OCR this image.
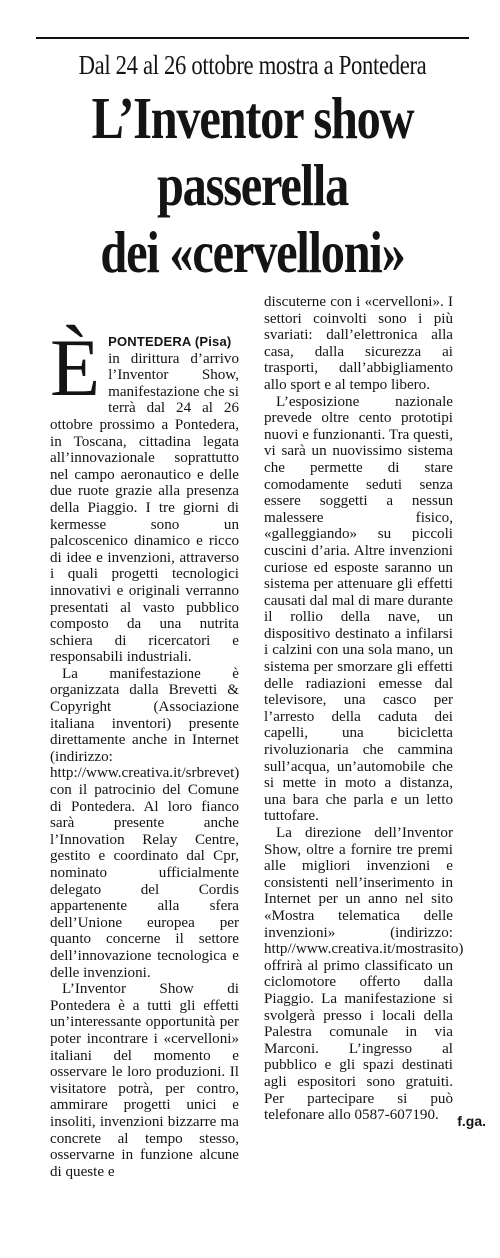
Dal 24 al 26 ottobre mostra a Pontedera
L’Inventor show
passerella
dei «cervelloni»

È PONTEDERA (Pisa)
in dirittura d’arrivo l’Inventor Show, manifestazione che si terrà dal 24 al 26 ottobre prossimo a Pontedera, in Toscana, cittadina legata all’innovazionale soprattutto nel campo aeronautico e delle due ruote grazie alla presenza della Piaggio. I tre giorni di kermesse sono un palcoscenico dinamico e ricco di idee e invenzioni, attraverso i quali progetti tecnologici innovativi e originali verranno presentati al vasto pubblico composto da una nutrita schiera di ricercatori e responsabili industriali.

La manifestazione è organizzata dalla Brevetti & Copyright (Associazione italiana inventori) presente direttamente anche in Internet (indirizzo: http://www.creativa.it/srbrevet) con il patrocinio del Comune di Pontedera. Al loro fianco sarà presente anche l’Innovation Relay Centre, gestito e coordinato dal Cpr, nominato ufficialmente delegato del Cordis appartenente alla sfera dell’Unione europea per quanto concerne il settore dell’innovazione tecnologica e delle invenzioni.

L’Inventor Show di Pontedera è a tutti gli effetti un’interessante opportunità per poter incontrare i «cervelloni» italiani del momento e osservare le loro produzioni. Il visitatore potrà, per contro, ammirare progetti unici e insoliti, invenzioni bizzarre ma concrete al tempo stesso, osservarne in funzione alcune di queste e

discuterne con i «cervelloni». I settori coinvolti sono i più svariati: dall’elettronica alla casa, dalla sicurezza ai trasporti, dall’abbigliamento allo sport e al tempo libero.

L’esposizione nazionale prevede oltre cento prototipi nuovi e funzionanti. Tra questi, vi sarà un nuovissimo sistema che permette di stare comodamente seduti senza essere soggetti a nessun malessere fisico, «galleggiando» su piccoli cuscini d’aria. Altre invenzioni curiose ed esposte saranno un sistema per attenuare gli effetti causati dal mal di mare durante il rollio della nave, un dispositivo destinato a infilarsi i calzini con una sola mano, un sistema per smorzare gli effetti delle radiazioni emesse dal televisore, una casco per l’arresto della caduta dei capelli, una bicicletta rivoluzionaria che cammina sull’acqua, un’automobile che si mette in moto a distanza, una bara che parla e un letto tuttofare.

La direzione dell’Inventor Show, oltre a fornire tre premi alle migliori invenzioni e consistenti nell’inserimento in Internet per un anno nel sito «Mostra telematica delle invenzioni» (indirizzo: http//www.creativa.it/mostrasito) offrirà al primo classificato un ciclomotore offerto dalla Piaggio. La manifestazione si svolgerà presso i locali della Palestra comunale in via Marconi. L’ingresso al pubblico e gli spazi destinati agli espositori sono gratuiti. Per partecipare si può telefonare allo 0587-607190.	f.ga.
